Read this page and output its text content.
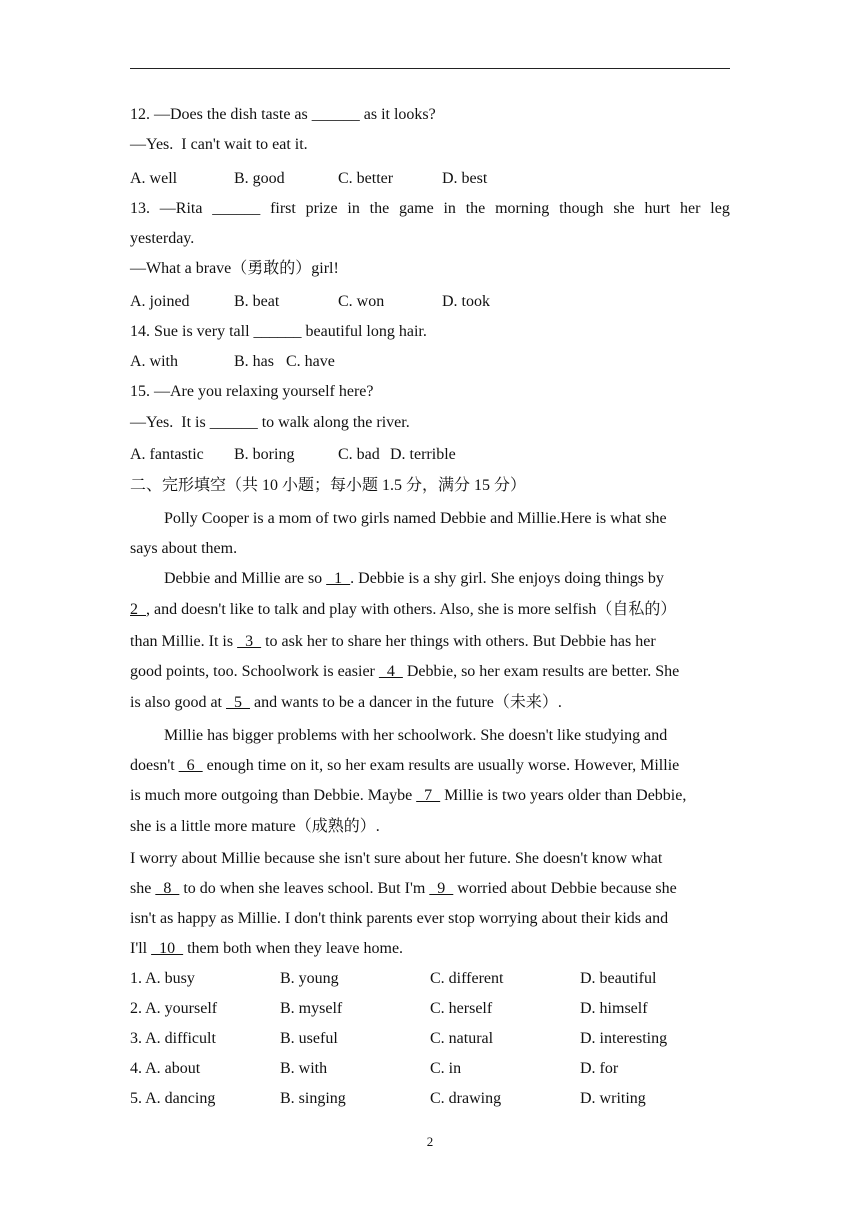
12. —Does the dish taste as ______ as it looks?
—Yes.  I can't wait to eat it.
A. well	B. good	C. better	D. best
13. —Rita ______ first prize in the game in the morning though she hurt her leg
yesterday.
—What a brave（勇敢的）girl!
A. joined	B. beat	C. won	D. took
14. Sue is very tall ______ beautiful long hair.
A. with	B. has C. have
15. —Are you relaxing yourself here?
—Yes.  It is ______ to walk along the river.
A. fantastic B. boring	C. bad D. terrible
二、完形填空（共 10 小题；每小题 1.5 分，满分 15 分）
Polly Cooper is a mom of two girls named Debbie and Millie.Here is what she
says about them.
Debbie and Millie are so   1  . Debbie is a shy girl. She enjoys doing things by
2  , and doesn't like to talk and play with others. Also, she is more selfish（自私的）
than Millie. It is   3   to ask her to share her things with others. But Debbie has her
good points, too. Schoolwork is easier   4   Debbie, so her exam results are better. She
is also good at   5   and wants to be a dancer in the future（未来）.
Millie has bigger problems with her schoolwork. She doesn't like studying and
doesn't   6   enough time on it, so her exam results are usually worse. However, Millie
is much more outgoing than Debbie. Maybe   7   Millie is two years older than Debbie,
she is a little more mature（成熟的）.
I worry about Millie because she isn't sure about her future. She doesn't know what
she   8   to do when she leaves school. But I'm   9   worried about Debbie because she
isn't as happy as Millie. I don't think parents ever stop worrying about their kids and
I'll   10   them both when they leave home.
1. A. busy	B. young	C. different	D. beautiful
2. A. yourself	B. myself	C. herself	D. himself
3. A. difficult	B. useful	C. natural	D. interesting
4. A. about	B. with	C. in	D. for
5. A. dancing	B. singing	C. drawing	D. writing
2
